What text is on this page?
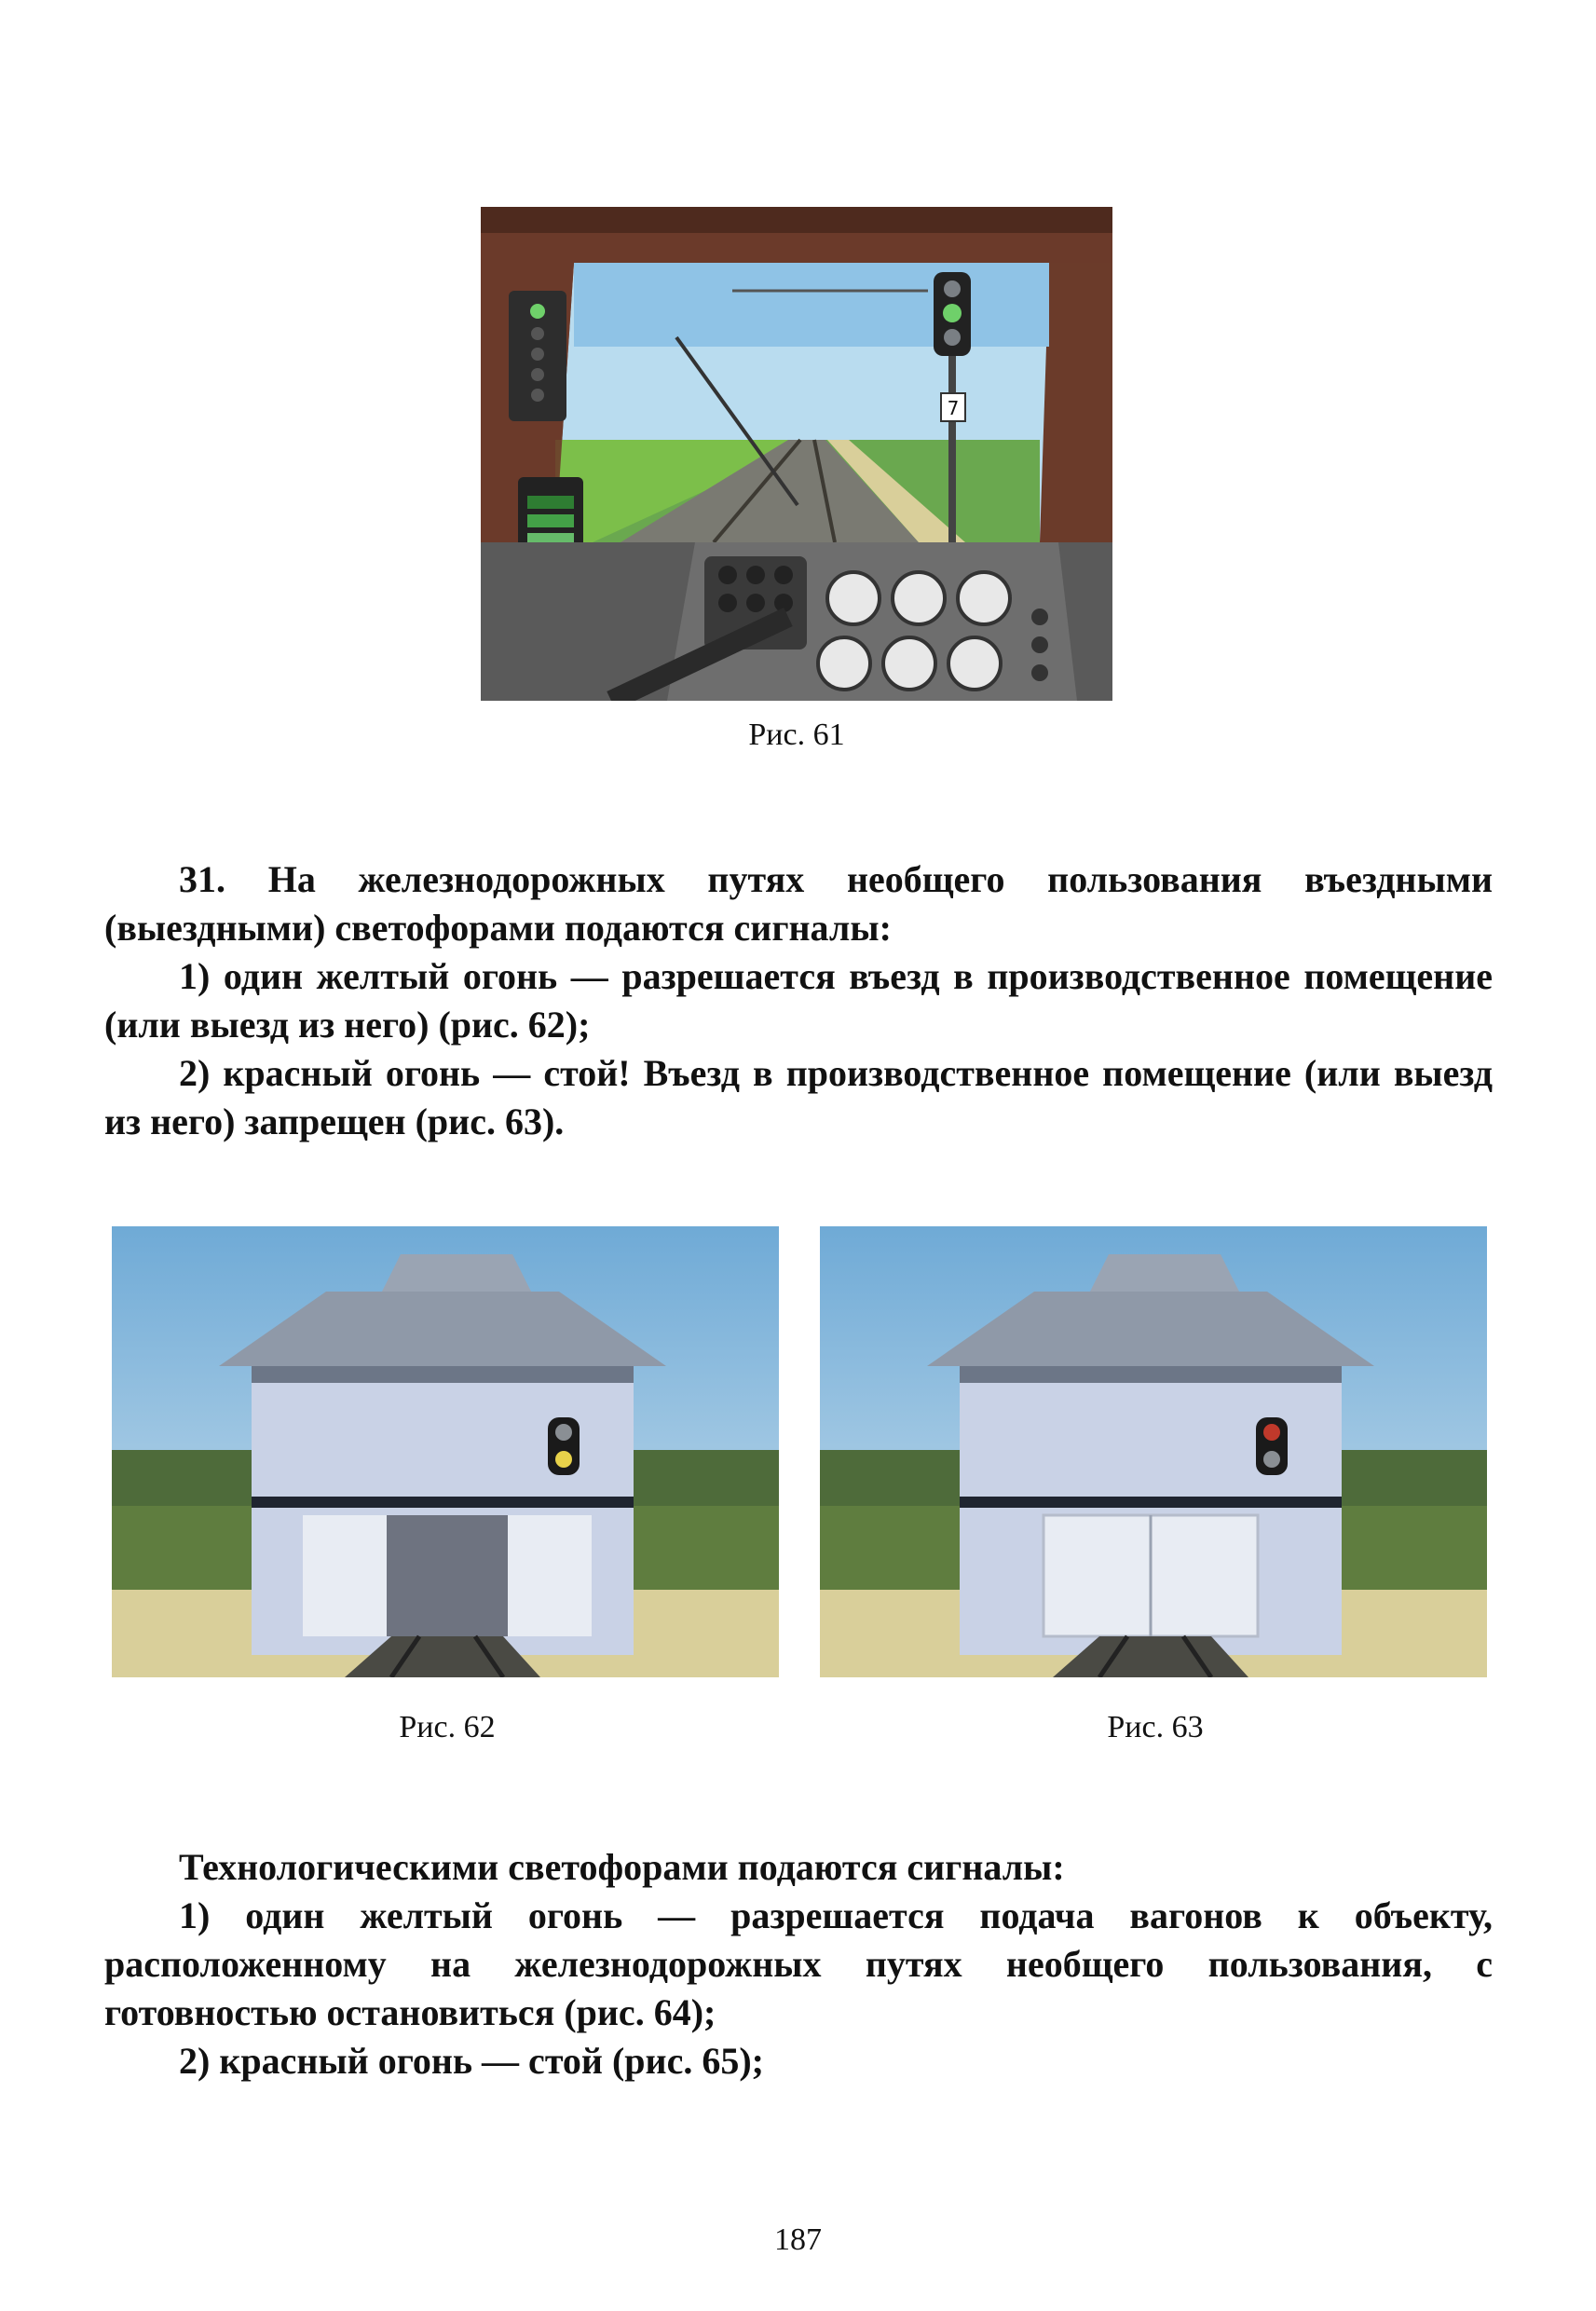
7
Рис. 61

31. На железнодорожных путях необщего пользования въездными (выездными) светофорами подаются сигналы:

1) один желтый огонь — разрешается въезд в производственное помещение (или выезд из него) (рис. 62);

2) красный огонь — стой! Въезд в производственное помещение (или выезд из него) запрещен (рис. 63).

Рис. 62	Рис. 63

Технологическими светофорами подаются сигналы:

1) один желтый огонь — разрешается подача вагонов к объекту, расположенному на железнодорожных путях необщего пользования, с готовностью остановиться (рис. 64);

2) красный огонь — стой (рис. 65);

187
